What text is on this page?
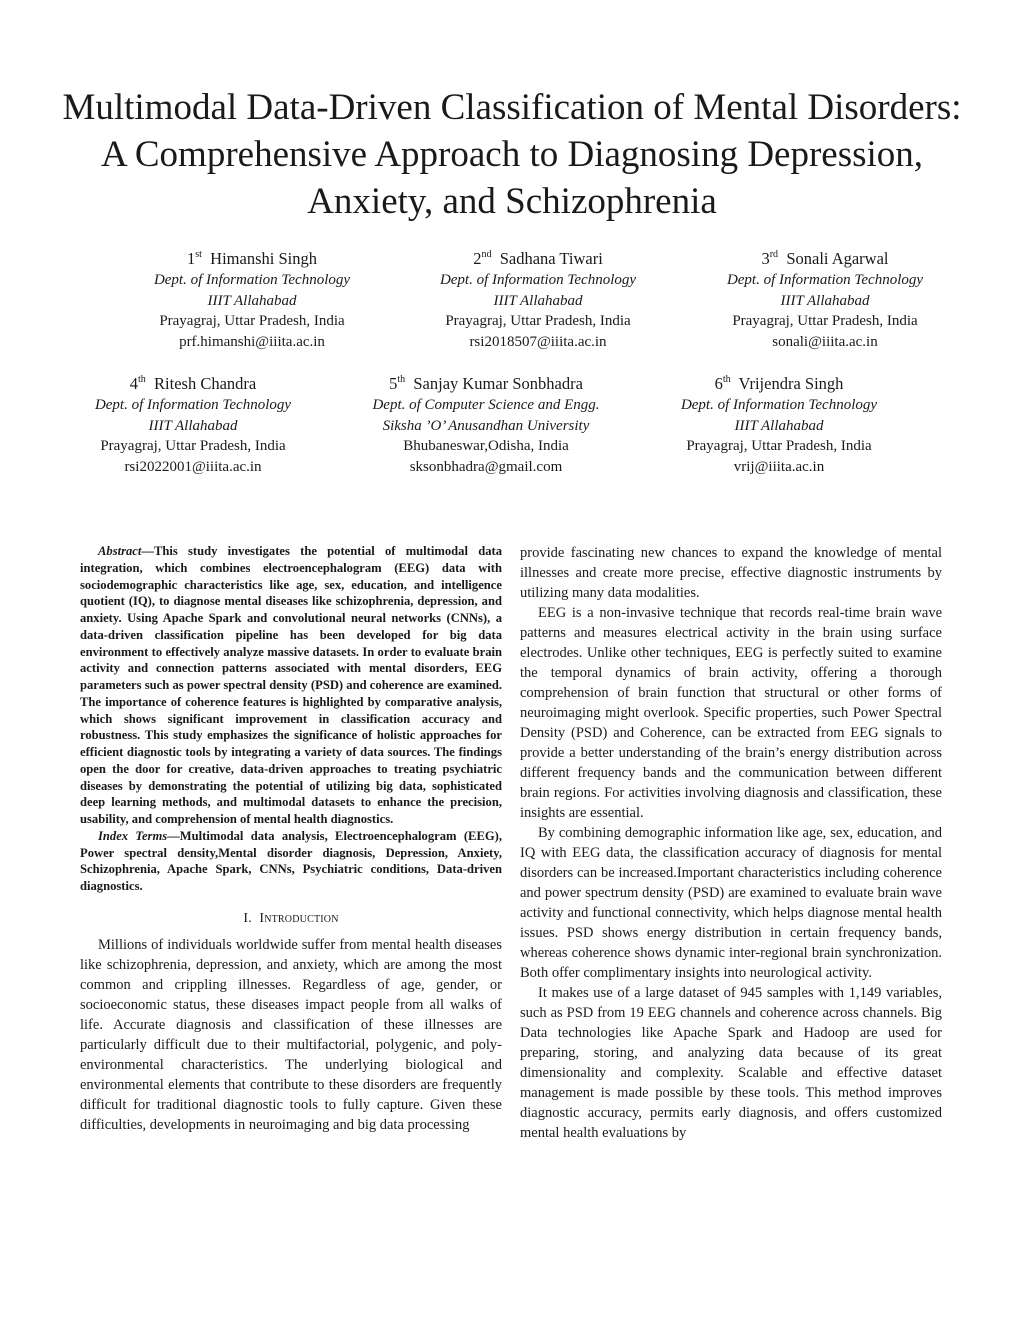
Multimodal Data-Driven Classification of Mental Disorders: A Comprehensive Approach to Diagnosing Depression, Anxiety, and Schizophrenia
1st Himanshi Singh
Dept. of Information Technology
IIIT Allahabad
Prayagraj, Uttar Pradesh, India
prf.himanshi@iiita.ac.in
2nd Sadhana Tiwari
Dept. of Information Technology
IIIT Allahabad
Prayagraj, Uttar Pradesh, India
rsi2018507@iiita.ac.in
3rd Sonali Agarwal
Dept. of Information Technology
IIIT Allahabad
Prayagraj, Uttar Pradesh, India
sonali@iiita.ac.in
4th Ritesh Chandra
Dept. of Information Technology
IIIT Allahabad
Prayagraj, Uttar Pradesh, India
rsi2022001@iiita.ac.in
5th Sanjay Kumar Sonbhadra
Dept. of Computer Science and Engg.
Siksha ’O’ Anusandhan University
Bhubaneswar,Odisha, India
sksonbhadra@gmail.com
6th Vrijendra Singh
Dept. of Information Technology
IIIT Allahabad
Prayagraj, Uttar Pradesh, India
vrij@iiita.ac.in

Abstract—This study investigates the potential of multimodal data integration, which combines electroencephalogram (EEG) data with sociodemographic characteristics like age, sex, education, and intelligence quotient (IQ), to diagnose mental diseases like schizophrenia, depression, and anxiety. Using Apache Spark and convolutional neural networks (CNNs), a data-driven classification pipeline has been developed for big data environment to effectively analyze massive datasets. In order to evaluate brain activity and connection patterns associated with mental disorders, EEG parameters such as power spectral density (PSD) and coherence are examined. The importance of coherence features is highlighted by comparative analysis, which shows significant improvement in classification accuracy and robustness. This study emphasizes the significance of holistic approaches for efficient diagnostic tools by integrating a variety of data sources. The findings open the door for creative, data-driven approaches to treating psychiatric diseases by demonstrating the potential of utilizing big data, sophisticated deep learning methods, and multimodal datasets to enhance the precision, usability, and comprehension of mental health diagnostics.

Index Terms—Multimodal data analysis, Electroencephalogram (EEG), Power spectral density,Mental disorder diagnosis, Depression, Anxiety, Schizophrenia, Apache Spark, CNNs, Psychiatric conditions, Data-driven diagnostics.

I. Introduction

Millions of individuals worldwide suffer from mental health diseases like schizophrenia, depression, and anxiety, which are among the most common and crippling illnesses. Regardless of age, gender, or socioeconomic status, these diseases impact people from all walks of life. Accurate diagnosis and classification of these illnesses are particularly difficult due to their multifactorial, polygenic, and poly-environmental characteristics. The underlying biological and environmental elements that contribute to these disorders are frequently difficult for traditional diagnostic tools to fully capture. Given these difficulties, developments in neuroimaging and big data processing

provide fascinating new chances to expand the knowledge of mental illnesses and create more precise, effective diagnostic instruments by utilizing many data modalities.

EEG is a non-invasive technique that records real-time brain wave patterns and measures electrical activity in the brain using surface electrodes. Unlike other techniques, EEG is perfectly suited to examine the temporal dynamics of brain activity, offering a thorough comprehension of brain function that structural or other forms of neuroimaging might overlook. Specific properties, such Power Spectral Density (PSD) and Coherence, can be extracted from EEG signals to provide a better understanding of the brain’s energy distribution across different frequency bands and the communication between different brain regions. For activities involving diagnosis and classification, these insights are essential.

By combining demographic information like age, sex, education, and IQ with EEG data, the classification accuracy of diagnosis for mental disorders can be increased.Important characteristics including coherence and power spectrum density (PSD) are examined to evaluate brain wave activity and functional connectivity, which helps diagnose mental health issues. PSD shows energy distribution in certain frequency bands, whereas coherence shows dynamic inter-regional brain synchronization. Both offer complimentary insights into neurological activity.

It makes use of a large dataset of 945 samples with 1,149 variables, such as PSD from 19 EEG channels and coherence across channels. Big Data technologies like Apache Spark and Hadoop are used for preparing, storing, and analyzing data because of its great dimensionality and complexity. Scalable and effective dataset management is made possible by these tools. This method improves diagnostic accuracy, permits early diagnosis, and offers customized mental health evaluations by
